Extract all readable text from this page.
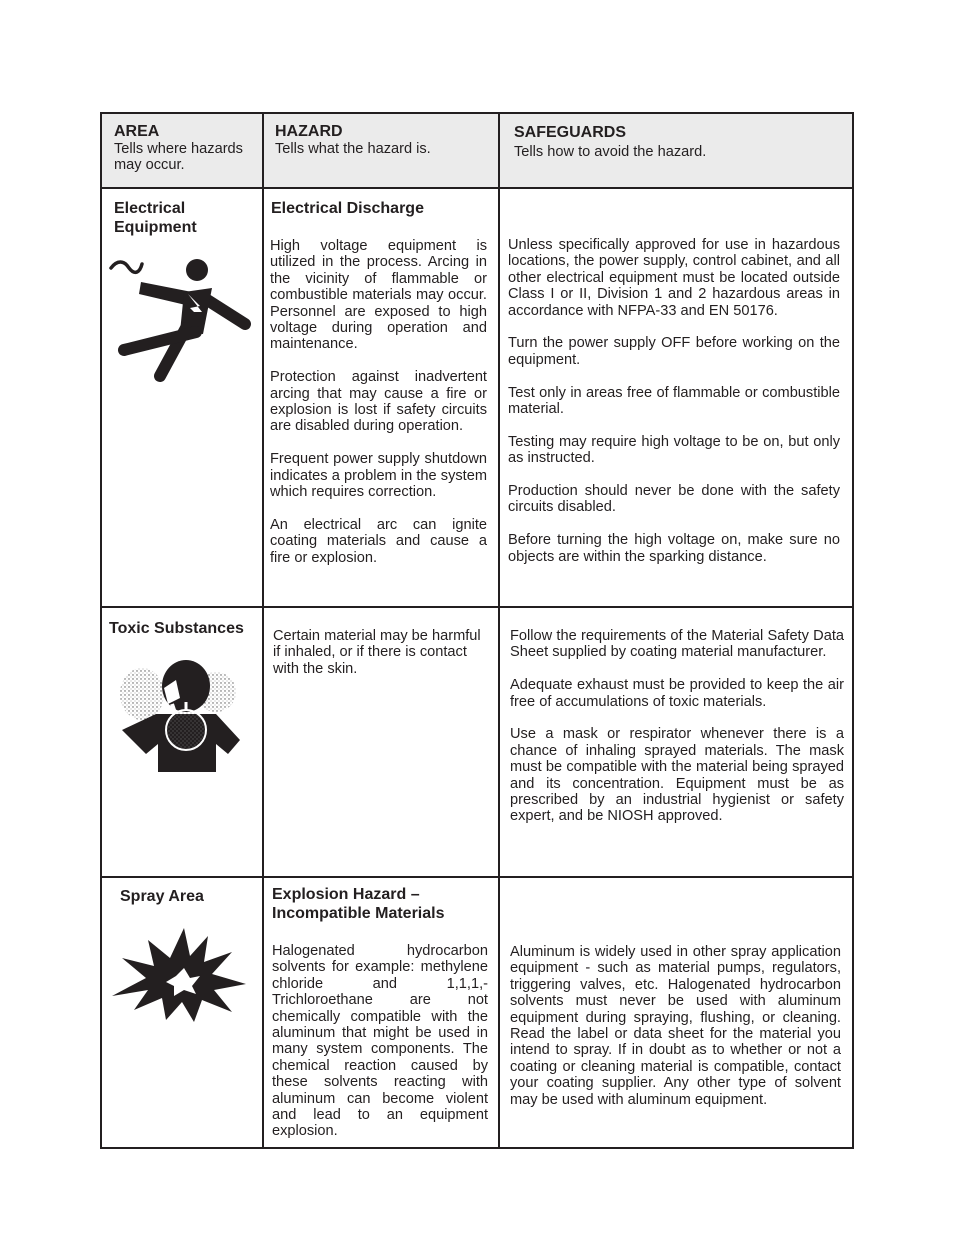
AREA
Tells where hazards may occur.
HAZARD
Tells what the hazard is.
SAFEGUARDS
Tells how to avoid the hazard.
Electrical Equipment
Electrical Discharge

High voltage equipment is utilized in the process. Arcing in the vicinity of flammable or combustible materials may occur. Personnel are exposed to high voltage during operation and maintenance.

Protection against inadvertent arcing that may cause a fire or explosion is lost if safety circuits are disabled during operation.

Frequent power supply shutdown indicates a problem in the system which requires correction.

An electrical arc can ignite coating materials and cause a fire or explosion.

Unless specifically approved for use in hazardous locations, the power supply, control cabinet, and all other electrical equipment must be located outside Class I or II, Division 1 and 2 hazardous areas in accordance with NFPA-33 and EN 50176.

Turn the power supply OFF before working on the equipment.

Test only in areas free of flammable or combustible material.

Testing may require high voltage to be on, but only as instructed.

Production should never be done with the safety circuits disabled.

Before turning the high voltage on, make sure no objects are within the sparking distance.

Toxic Substances	Certain material may be harmful if inhaled, or if there is contact with the skin.

Follow the requirements of the Material Safety Data Sheet supplied by coating material manufacturer.

Adequate exhaust must be provided to keep the air free of accumulations of toxic materials.

Use a mask or respirator whenever there is a chance of inhaling sprayed materials. The mask must be compatible with the material being sprayed and its concentration. Equipment must be as prescribed by an industrial hygienist or safety expert, and be NIOSH approved.

Spray Area	Explosion Hazard – Incompatible Materials

Halogenated hydrocarbon solvents for example: methylene chloride and 1,1,1,-Trichloroethane are not chemically compatible with the aluminum that might be used in many system components. The chemical reaction caused by these solvents reacting with aluminum can become violent and lead to an equipment explosion.

Aluminum is widely used in other spray application equipment - such as material pumps, regulators, triggering valves, etc. Halogenated hydrocarbon solvents must never be used with aluminum equipment during spraying, flushing, or cleaning. Read the label or data sheet for the material you intend to spray. If in doubt as to whether or not a coating or cleaning material is compatible, contact your coating supplier. Any other type of solvent may be used with aluminum equipment.
